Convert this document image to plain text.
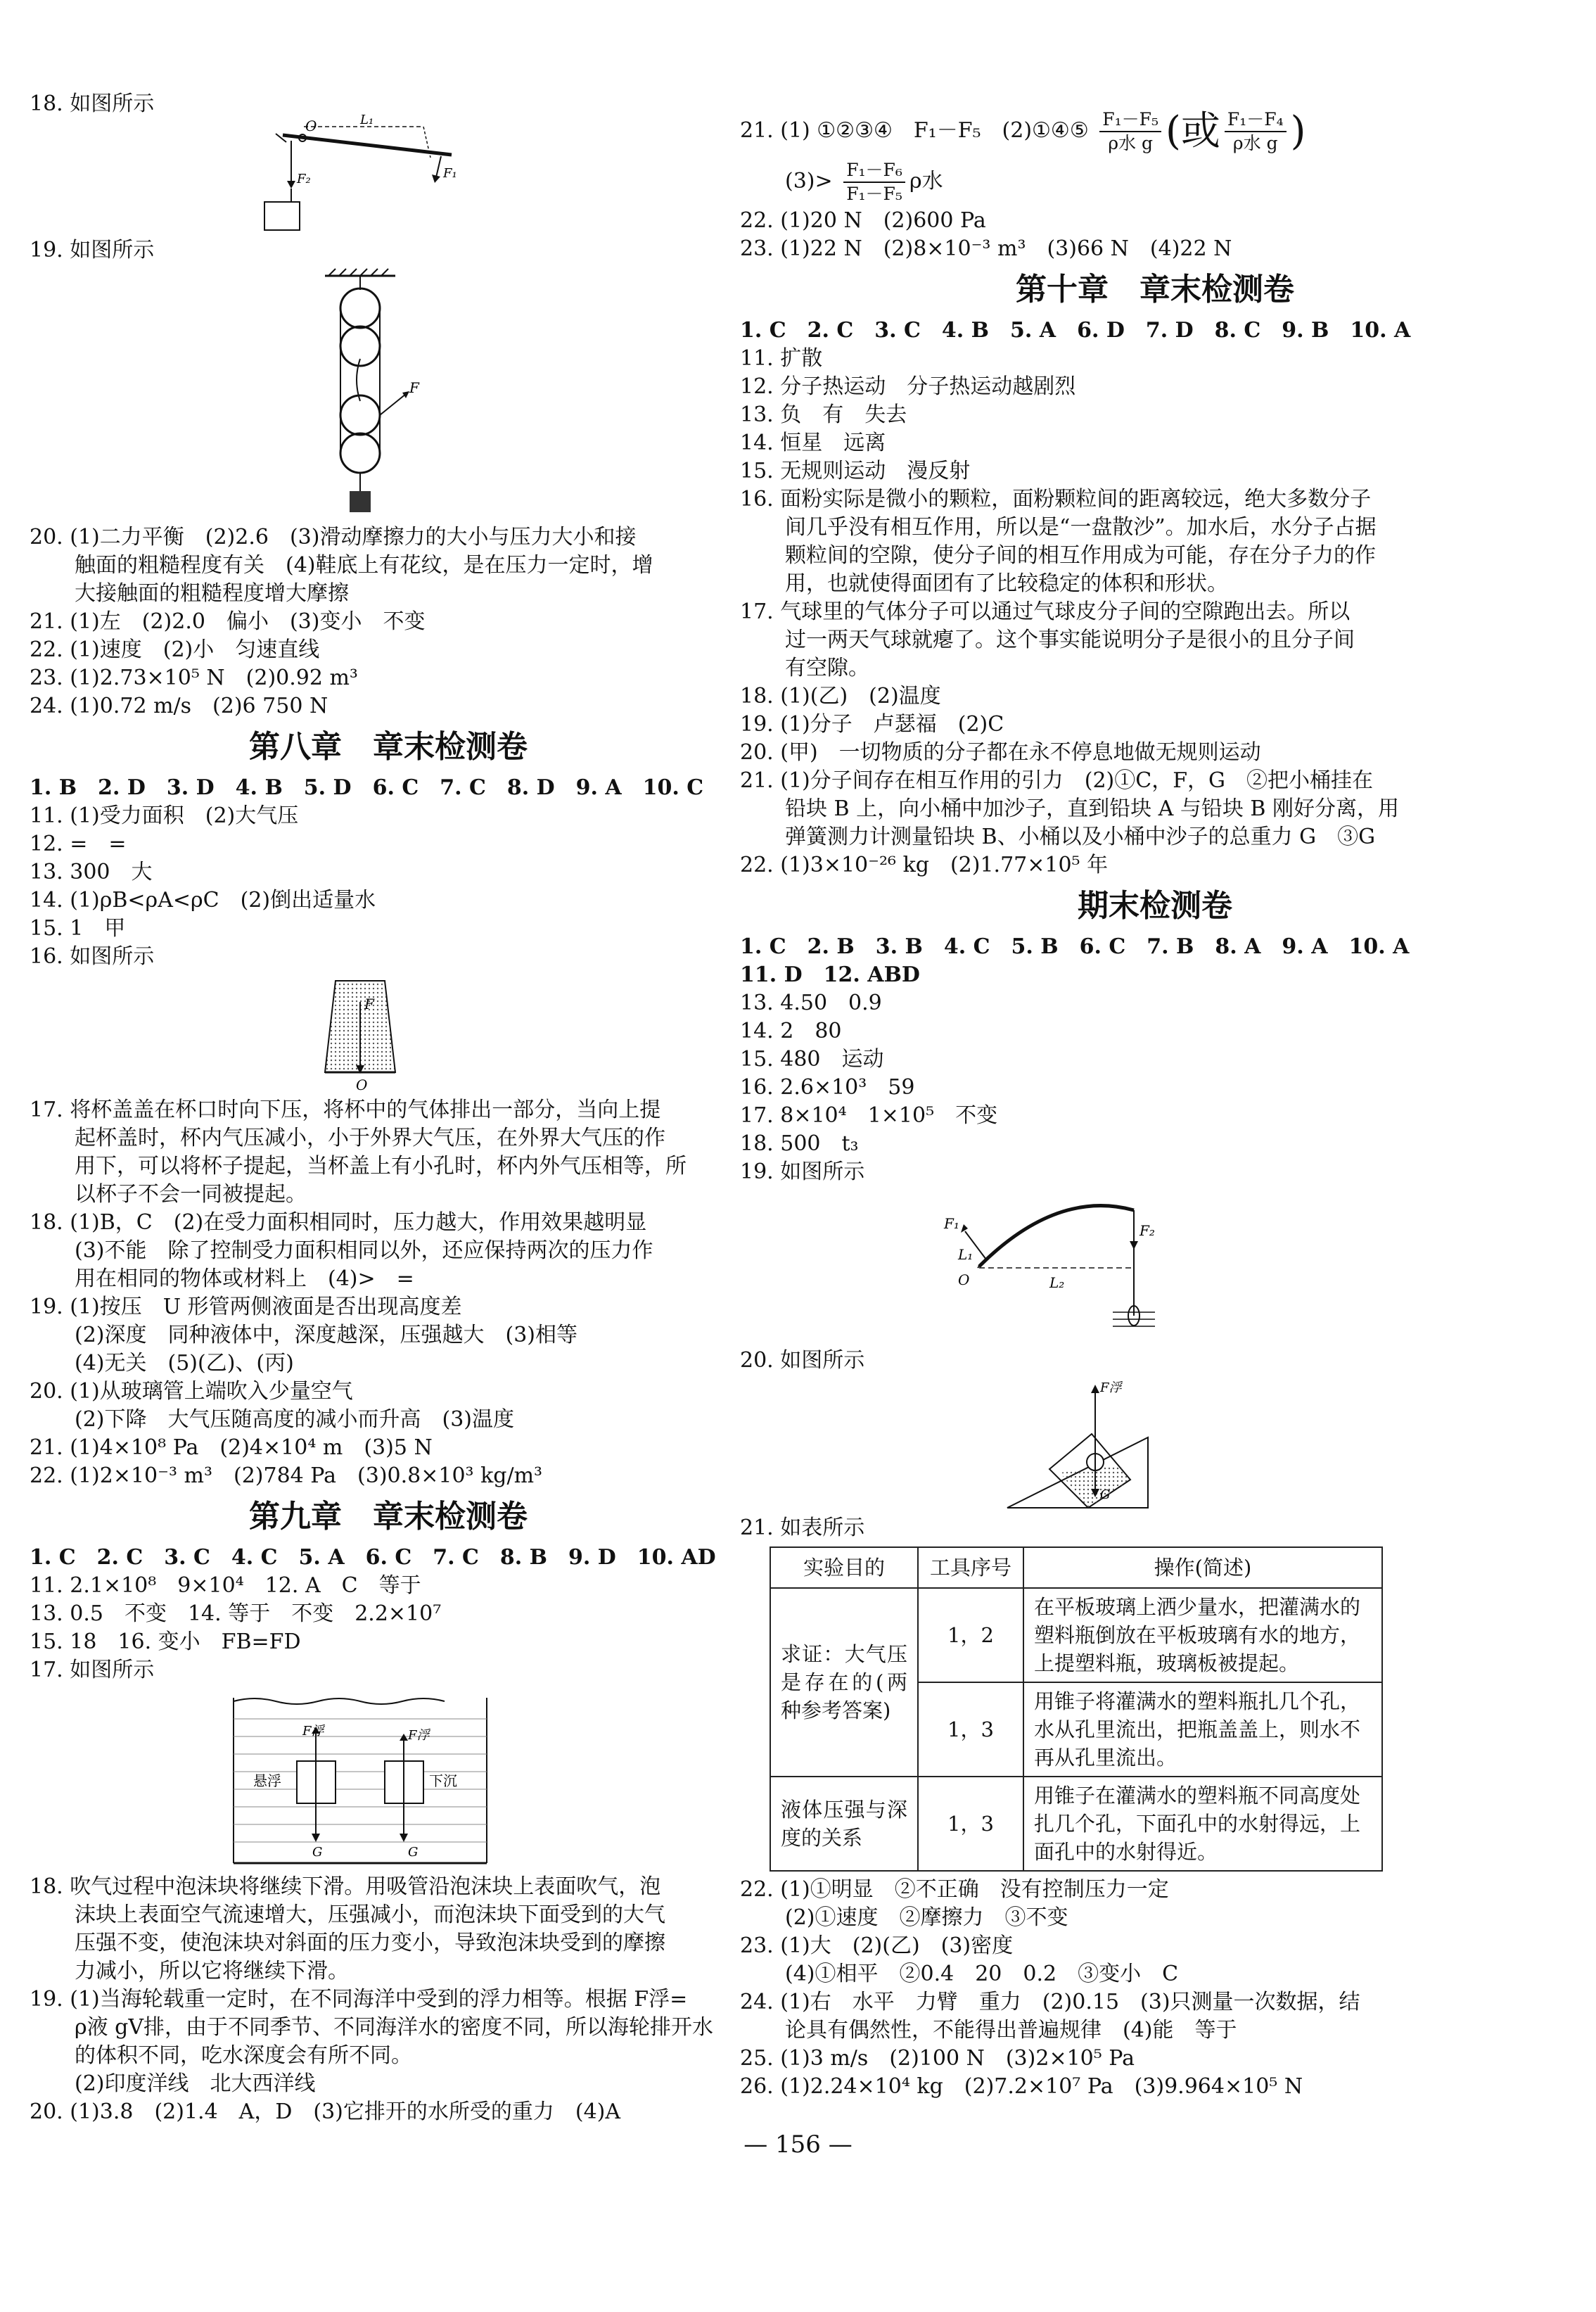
18. 如图所示
O	L₁
F₂	F₁
19. 如图所示
F
20. (1)二力平衡　(2)2.6　(3)滑动摩擦力的大小与压力大小和接
触面的粗糙程度有关　(4)鞋底上有花纹，是在压力一定时，增
大接触面的粗糙程度增大摩擦
21. (1)左　(2)2.0　偏小　(3)变小　不变
22. (1)速度　(2)小　匀速直线
23. (1)2.73×10⁵ N　(2)0.92 m³
24. (1)0.72 m/s　(2)6 750 N
第八章　章末检测卷
1. B　2. D　3. D　4. B　5. D　6. C　7. C　8. D　9. A　10. C
11. (1)受力面积　(2)大气压
12. =　=
13. 300　大
14. (1)ρB<ρA<ρC　(2)倒出适量水
15. 1　甲
16. 如图所示
F
O
17. 将杯盖盖在杯口时向下压，将杯中的气体排出一部分，当向上提
起杯盖时，杯内气压减小，小于外界大气压，在外界大气压的作
用下，可以将杯子提起，当杯盖上有小孔时，杯内外气压相等，所
以杯子不会一同被提起。
18. (1)B，C　(2)在受力面积相同时，压力越大，作用效果越明显
(3)不能　除了控制受力面积相同以外，还应保持两次的压力作
用在相同的物体或材料上　(4)>　=
19. (1)按压　U 形管两侧液面是否出现高度差
(2)深度　同种液体中，深度越深，压强越大　(3)相等
(4)无关　(5)(乙)、(丙)
20. (1)从玻璃管上端吹入少量空气
(2)下降　大气压随高度的减小而升高　(3)温度
21. (1)4×10⁸ Pa　(2)4×10⁴ m　(3)5 N
22. (1)2×10⁻³ m³　(2)784 Pa　(3)0.8×10³ kg/m³
第九章　章末检测卷
1. C　2. C　3. C　4. C　5. A　6. C　7. C　8. B　9. D　10. AD
11. 2.1×10⁸　9×10⁴　12. A　C　等于
13. 0.5　不变　14. 等于　不变　2.2×10⁷
15. 18　16. 变小　FB=FD
17. 如图所示
F浮
悬浮
G
F浮
下沉
G
18. 吹气过程中泡沫块将继续下滑。用吸管沿泡沫块上表面吹气，泡
沫块上表面空气流速增大，压强减小，而泡沫块下面受到的大气
压强不变，使泡沫块对斜面的压力变小，导致泡沫块受到的摩擦
力减小，所以它将继续下滑。
19. (1)当海轮载重一定时，在不同海洋中受到的浮力相等。根据 F浮=
ρ液 gV排，由于不同季节、不同海洋水的密度不同，所以海轮排开水
的体积不同，吃水深度会有所不同。
(2)印度洋线　北大西洋线
20. (1)3.8　(2)1.4　A，D　(3)它排开的水所受的重力　(4)A
21. (1) ①②③④　F₁－F₅　(2)①④⑤ $\frac{\text{F₁－F₅}}{\text{ρ水 g}}$ (或 $\frac{\text{F₁－F₄}}{\text{ρ水 g}}$ )
$(3)> \frac{\text{F₁－F₆}}{\text{F₁－F₅}}$ ρ水
22. (1)20 N　(2)600 Pa
23. (1)22 N　(2)8×10⁻³ m³　(3)66 N　(4)22 N
第十章　章末检测卷
1. C　2. C　3. C　4. B　5. A　6. D　7. D　8. C　9. B　10. A
11. 扩散
12. 分子热运动　分子热运动越剧烈
13. 负　有　失去
14. 恒星　远离
15. 无规则运动　漫反射
16. 面粉实际是微小的颗粒，面粉颗粒间的距离较远，绝大多数分子
间几乎没有相互作用，所以是“一盘散沙”。加水后，水分子占据
颗粒间的空隙，使分子间的相互作用成为可能，存在分子力的作
用，也就使得面团有了比较稳定的体积和形状。
17. 气球里的气体分子可以通过气球皮分子间的空隙跑出去。所以
过一两天气球就瘪了。这个事实能说明分子是很小的且分子间
有空隙。
18. (1)(乙)　(2)温度
19. (1)分子　卢瑟福　(2)C
20. (甲)　一切物质的分子都在永不停息地做无规则运动
21. (1)分子间存在相互作用的引力　(2)①C，F，G　②把小桶挂在
铅块 B 上，向小桶中加沙子，直到铅块 A 与铅块 B 刚好分离，用
弹簧测力计测量铅块 B、小桶以及小桶中沙子的总重力 G　③G
22. (1)3×10⁻²⁶ kg　(2)1.77×10⁵ 年
期末检测卷
1. C　2. B　3. B　4. C　5. B　6. C　7. B　8. A　9. A　10. A
11. D　12. ABD
13. 4.50　0.9
14. 2　80
15. 480　运动
16. 2.6×10³　59
17. 8×10⁴　1×10⁵　不变
18. 500　t₃
19. 如图所示
F₂
F₁
L₁
L₂
O
20. 如图所示
F浮
G
21. 如表所示
实验目的	工具序号	操作(简述)
求证：大气压是存在的(两种参考答案)	1，2	在平板玻璃上洒少量水，把灌满水的塑料瓶倒放在平板玻璃有水的地方，上提塑料瓶，玻璃板被提起。
	1，3	用锥子将灌满水的塑料瓶扎几个孔，水从孔里流出，把瓶盖盖上，则水不再从孔里流出。
液体压强与深度的关系	1，3	用锥子在灌满水的塑料瓶不同高度处扎几个孔，下面孔中的水射得远，上面孔中的水射得近。
22. (1)①明显　②不正确　没有控制压力一定
(2)①速度　②摩擦力　③不变
23. (1)大　(2)(乙)　(3)密度
(4)①相平　②0.4　20　0.2　③变小　C
24. (1)右　水平　力臂　重力　(2)0.15　(3)只测量一次数据，结
论具有偶然性，不能得出普遍规律　(4)能　等于
25. (1)3 m/s　(2)100 N　(3)2×10⁵ Pa
26. (1)2.24×10⁴ kg　(2)7.2×10⁷ Pa　(3)9.964×10⁵ N
— 156 —
